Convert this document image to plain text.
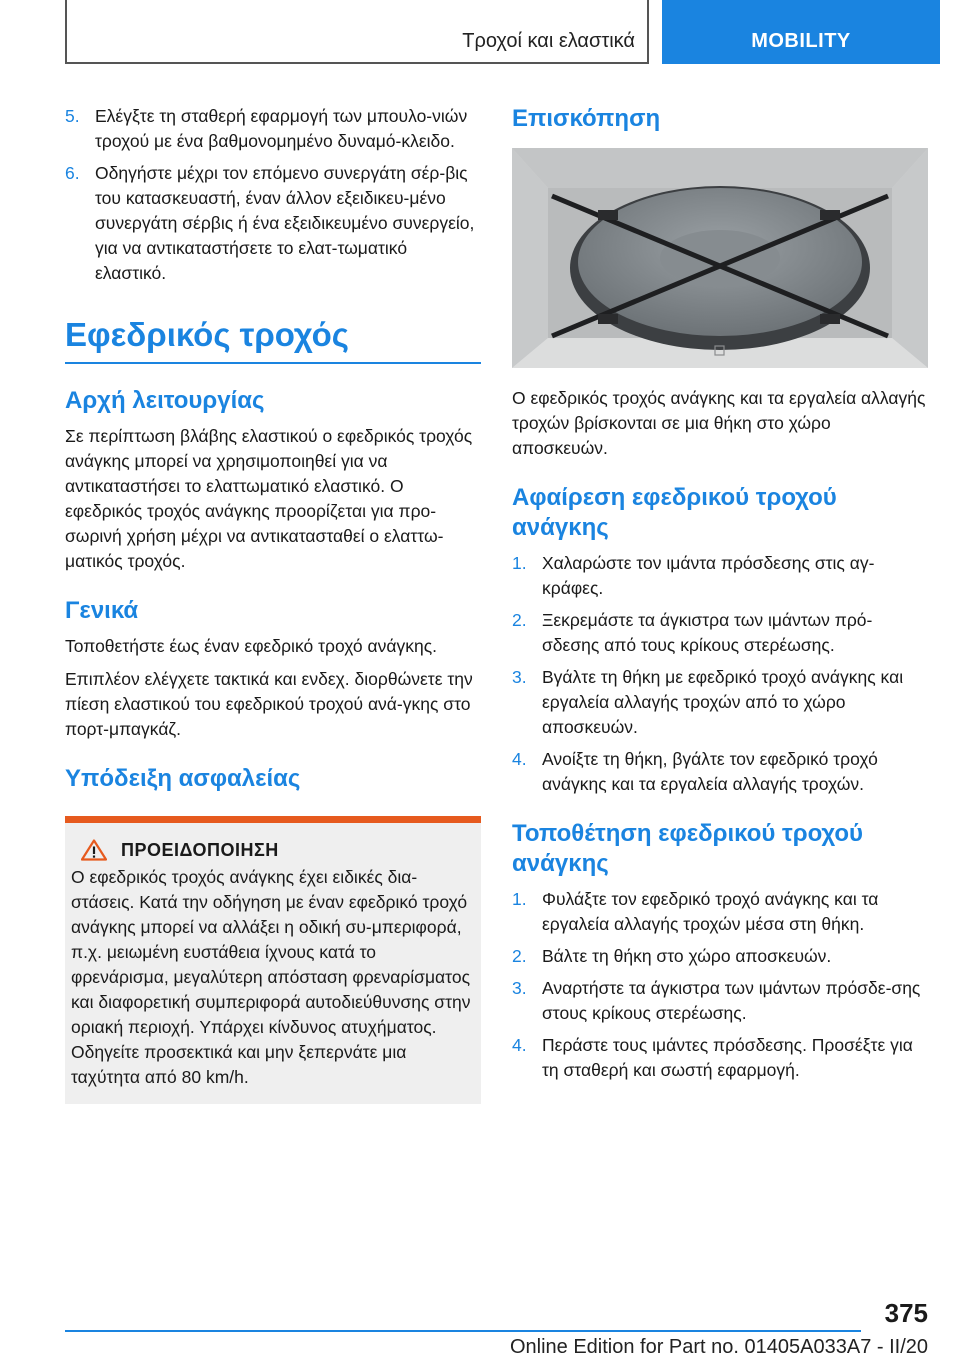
Τροχοί και ελαστικά	MOBILITY
5. Ελέγξτε τη σταθερή εφαρμογή των μπουλο-νιών τροχού με ένα βαθμονομημένο δυναμό-κλειδο.
6. Οδηγήστε μέχρι τον επόμενο συνεργάτη σέρ-βις του κατασκευαστή, έναν άλλον εξειδικευ-μένο συνεργάτη σέρβις ή ένα εξειδικευμένο συνεργείο, για να αντικαταστήσετε το ελατ-τωματικό ελαστικό.
Εφεδρικός τροχός
Αρχή λειτουργίας

Σε περίπτωση βλάβης ελαστικού ο εφεδρικός τροχός ανάγκης μπορεί να χρησιμοποιηθεί για να αντικαταστήσει το ελαττωματικό ελαστικό. Ο εφεδρικός τροχός ανάγκης προορίζεται για προ-σωρινή χρήση μέχρι να αντικατασταθεί ο ελαττω-ματικός τροχός.

Γενικά

Τοποθετήστε έως έναν εφεδρικό τροχό ανάγκης.

Επιπλέον ελέγχετε τακτικά και ενδεχ. διορθώνετε την πίεση ελαστικού του εφεδρικού τροχού ανά-γκης στο πορτ-μπαγκάζ.

Υπόδειξη ασφαλείας
ΠΡΟΕΙΔΟΠΟΙΗΣΗ

Ο εφεδρικός τροχός ανάγκης έχει ειδικές δια-στάσεις. Κατά την οδήγηση με έναν εφεδρικό τροχό ανάγκης μπορεί να αλλάξει η οδική συ-μπεριφορά, π.χ. μειωμένη ευστάθεια ίχνους κατά το φρενάρισμα, μεγαλύτερη απόσταση φρεναρίσματος και διαφορετική συμπεριφορά αυτοδιεύθυνσης στην οριακή περιοχή. Υπάρχει κίνδυνος ατυχήματος. Οδηγείτε προσεκτικά και μην ξεπερνάτε μια ταχύτητα από 80 km/h.

Επισκόπηση

Ο εφεδρικός τροχός ανάγκης και τα εργαλεία αλλαγής τροχών βρίσκονται σε μια θήκη στο χώρο αποσκευών.

Αφαίρεση εφεδρικού τροχού ανάγκης
1. Χαλαρώστε τον ιμάντα πρόσδεσης στις αγ-κράφες.
2. Ξεκρεμάστε τα άγκιστρα των ιμάντων πρό-σδεσης από τους κρίκους στερέωσης.
3. Βγάλτε τη θήκη με εφεδρικό τροχό ανάγκης και εργαλεία αλλαγής τροχών από το χώρο αποσκευών.
4. Ανοίξτε τη θήκη, βγάλτε τον εφεδρικό τροχό ανάγκης και τα εργαλεία αλλαγής τροχών.
Τοποθέτηση εφεδρικού τροχού ανάγκης
1. Φυλάξτε τον εφεδρικό τροχό ανάγκης και τα εργαλεία αλλαγής τροχών μέσα στη θήκη.
2. Βάλτε τη θήκη στο χώρο αποσκευών.
3. Αναρτήστε τα άγκιστρα των ιμάντων πρόσδε-σης στους κρίκους στερέωσης.
4. Περάστε τους ιμάντες πρόσδεσης. Προσέξτε για τη σταθερή και σωστή εφαρμογή.
375
Online Edition for Part no. 01405A033A7 - II/20
